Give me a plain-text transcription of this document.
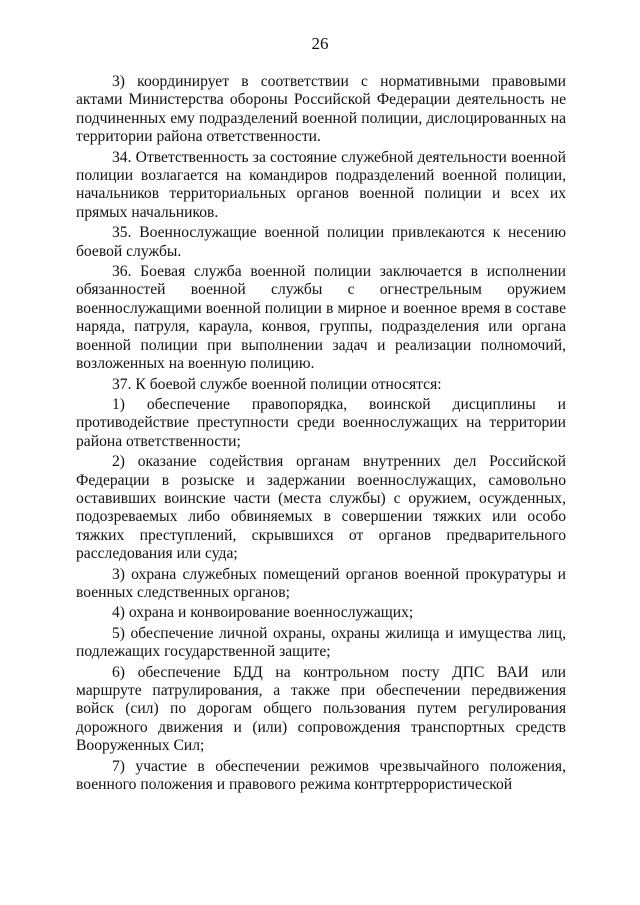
26

3) координирует в соответствии с нормативными правовыми актами Министерства обороны Российской Федерации деятельность не подчиненных ему подразделений военной полиции, дислоцированных на территории района ответственности.

34. Ответственность за состояние служебной деятельности военной полиции возлагается на командиров подразделений военной полиции, начальников территориальных органов военной полиции и всех их прямых начальников.

35. Военнослужащие военной полиции привлекаются к несению боевой службы.

36. Боевая служба военной полиции заключается в исполнении обязанностей военной службы с огнестрельным оружием военнослужащими военной полиции в мирное и военное время в составе наряда, патруля, караула, конвоя, группы, подразделения или органа военной полиции при выполнении задач и реализации полномочий, возложенных на военную полицию.

37. К боевой службе военной полиции относятся:

1) обеспечение правопорядка, воинской дисциплины и противодействие преступности среди военнослужащих на территории района ответственности;

2) оказание содействия органам внутренних дел Российской Федерации в розыске и задержании военнослужащих, самовольно оставивших воинские части (места службы) с оружием, осужденных, подозреваемых либо обвиняемых в совершении тяжких или особо тяжких преступлений, скрывшихся от органов предварительного расследования или суда;

3) охрана служебных помещений органов военной прокуратуры и военных следственных органов;

4) охрана и конвоирование военнослужащих;

5) обеспечение личной охраны, охраны жилища и имущества лиц, подлежащих государственной защите;

6) обеспечение БДД на контрольном посту ДПС ВАИ или маршруте патрулирования, а также при обеспечении передвижения войск (сил) по дорогам общего пользования путем регулирования дорожного движения и (или) сопровождения транспортных средств Вооруженных Сил;

7) участие в обеспечении режимов чрезвычайного положения, военного положения и правового режима контртеррористической
